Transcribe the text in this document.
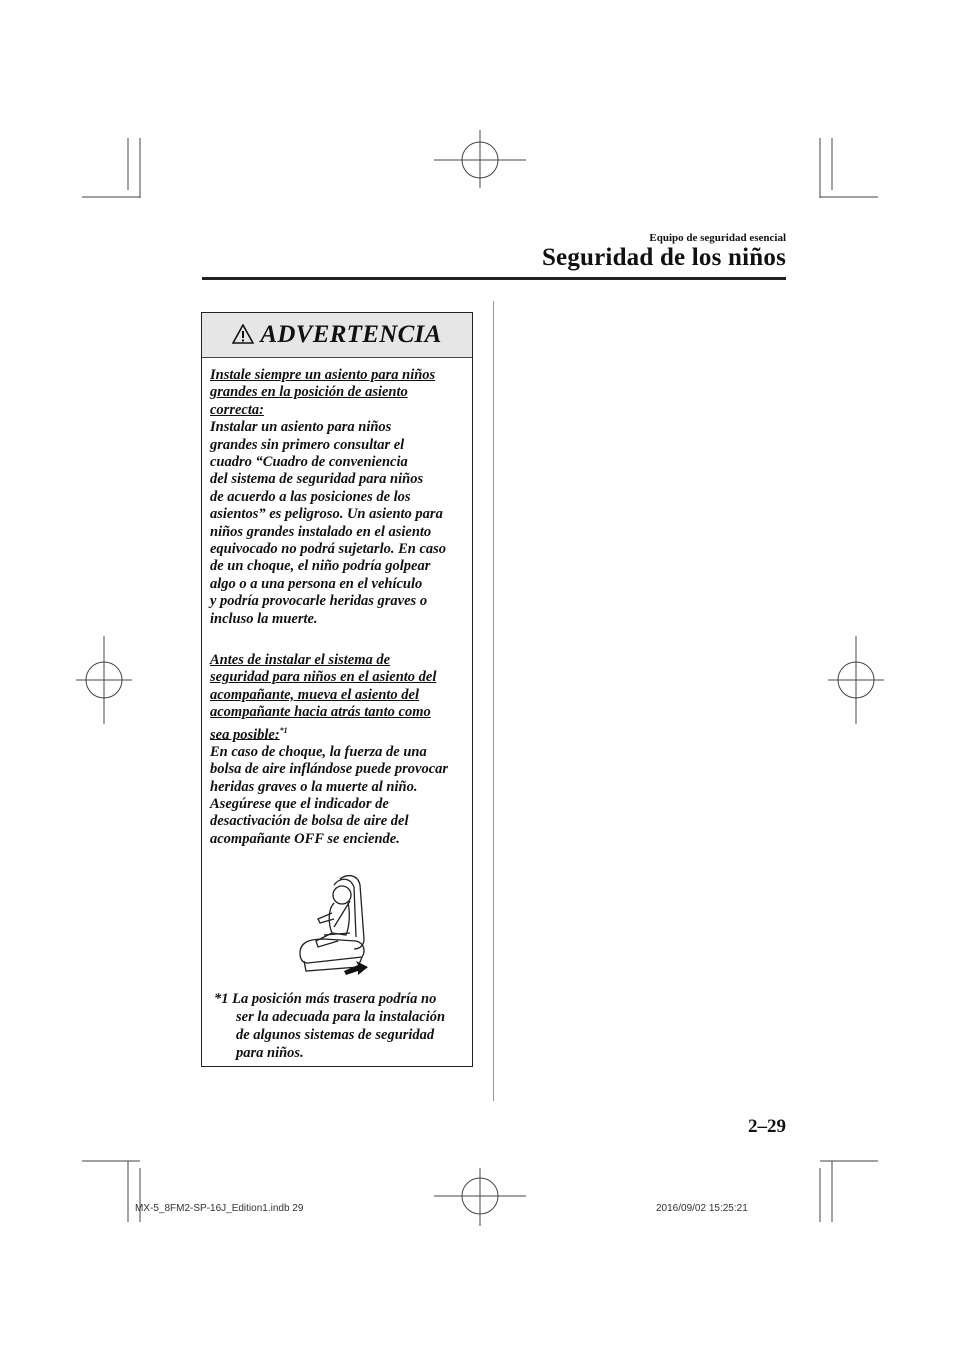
Equipo de seguridad esencial
Seguridad de los niños
ADVERTENCIA

Instale siempre un asiento para niños

grandes en la posición de asiento

correcta:

Instalar un asiento para niños

grandes sin primero consultar el

cuadro “Cuadro de conveniencia

del sistema de seguridad para niños

de acuerdo a las posiciones de los

asientos” es peligroso. Un asiento para

niños grandes instalado en el asiento

equivocado no podrá sujetarlo. En caso

de un choque, el niño podría golpear

algo o a una persona en el vehículo

y podría provocarle heridas graves o

incluso la muerte.

Antes de instalar el sistema de

seguridad para niños en el asiento del

acompañante, mueva el asiento del

acompañante hacia atrás tanto como

sea posible:$^{*1}$

En caso de choque, la fuerza de una

bolsa de aire inflándose puede provocar

heridas graves o la muerte al niño.

Asegúrese que el indicador de

desactivación de bolsa de aire del

acompañante OFF se enciende.

*1 La posición más trasera podría no
ser la adecuada para la instalación
de algunos sistemas de seguridad
para niños.
2–29
MX-5_8FM2-SP-16J_Edition1.indb 29	2016/09/02 15:25:21
